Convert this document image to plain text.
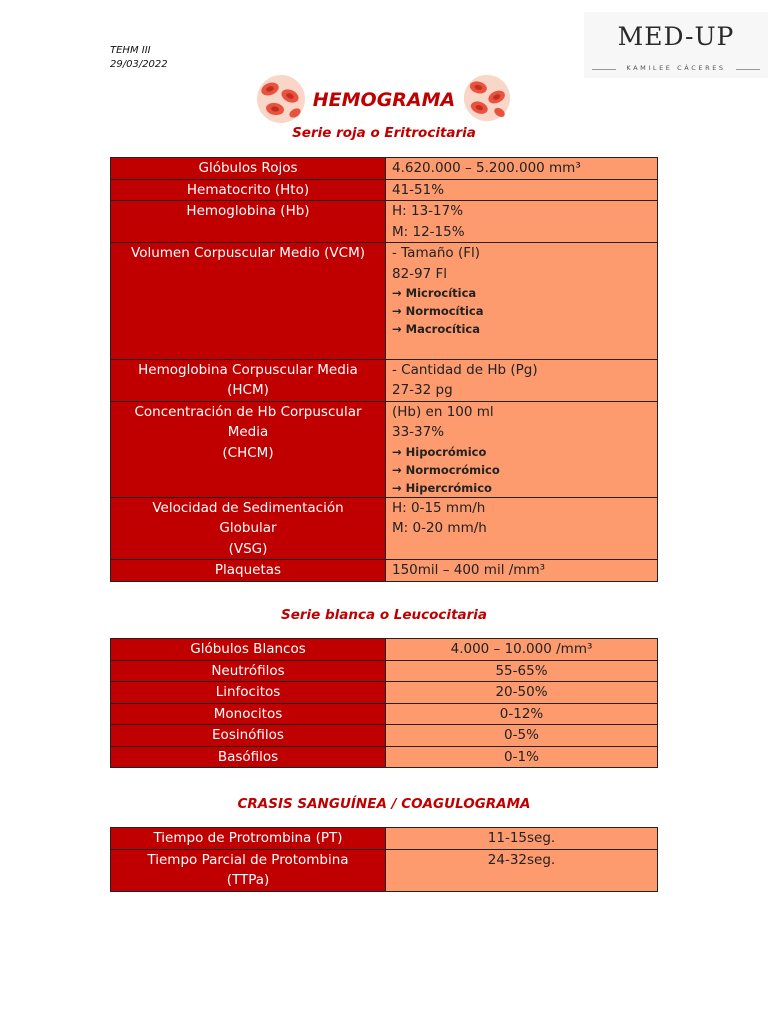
TEHM III
29/03/2022
MED-UP
KAMILEE CÁCERES
HEMOGRAMA
Serie roja o Eritrocitaria
Glóbulos Rojos	4.620.000 – 5.200.000 mm³

Hematocrito (Hto)	41-51%

Hemoglobina (Hb)	H: 13-17%
M: 12-15%

Volumen Corpuscular Medio (VCM)	- Tamaño (Fl)
82-97 Fl
→ Microcítica
→ Normocítica
→ Macrocítica

Hemoglobina Corpuscular Media
(HCM)	- Cantidad de Hb (Pg)
27-32 pg

Concentración de Hb Corpuscular
Media
(CHCM)	(Hb) en 100 ml
33-37%
→ Hipocrómico
→ Normocrómico
→ Hipercrómico

Velocidad de Sedimentación
Globular
(VSG)	H: 0-15 mm/h
M: 0-20 mm/h

Plaquetas	150mil – 400 mil /mm³
Serie blanca o Leucocitaria
Glóbulos Blancos	4.000 – 10.000 /mm³

Neutrófilos	55-65%

Linfocitos	20-50%

Monocitos	0-12%

Eosinófilos	0-5%

Basófilos	0-1%
CRASIS SANGUÍNEA / COAGULOGRAMA
Tiempo de Protrombina (PT)	11-15seg.

Tiempo Parcial de Protombina
(TTPa)	24-32seg.
